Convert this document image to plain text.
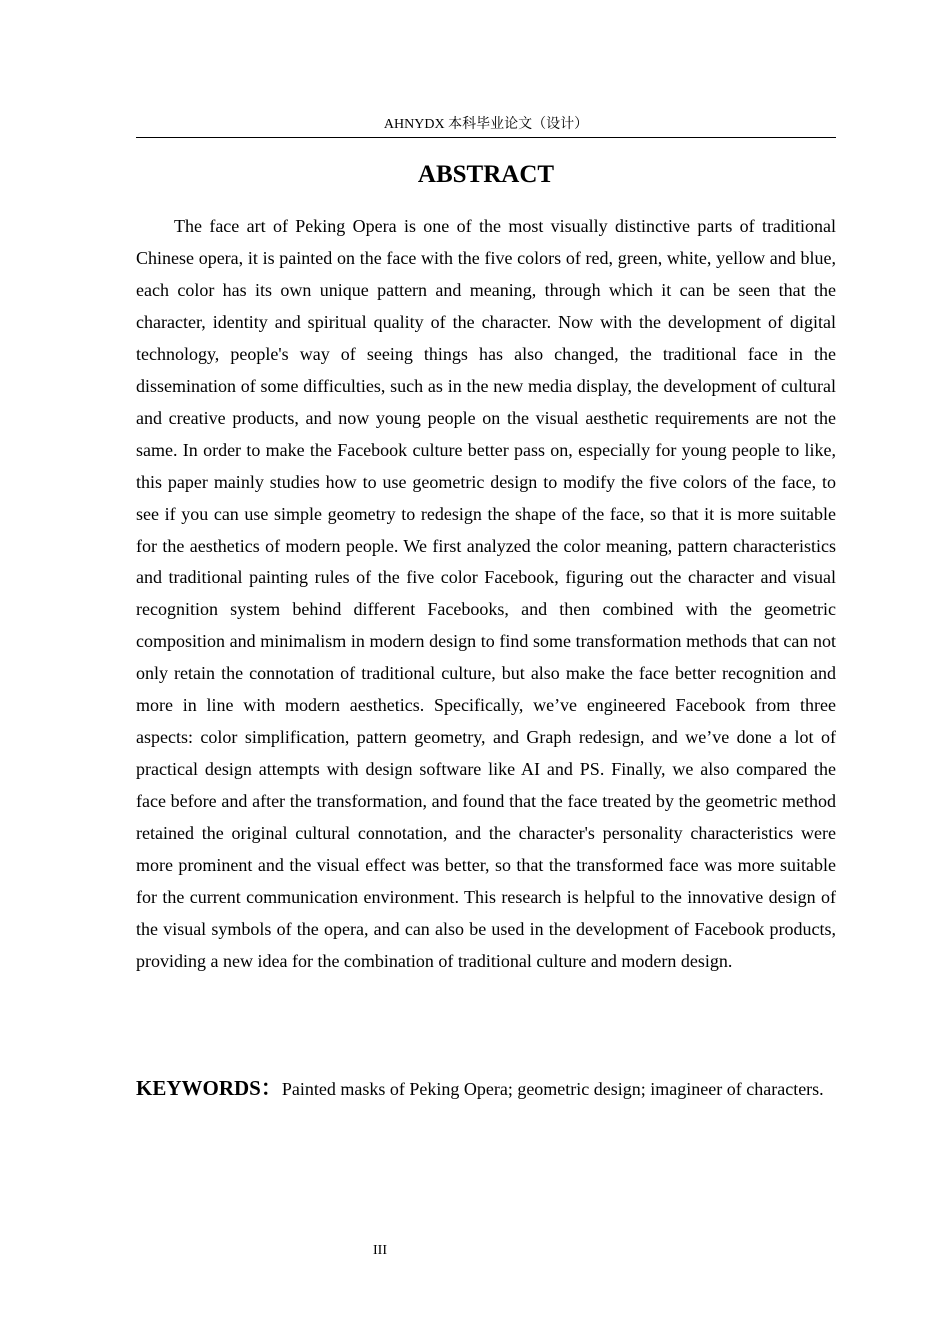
AHNYDX 本科毕业论文（设计）
ABSTRACT

The face art of Peking Opera is one of the most visually distinctive parts of traditional Chinese opera, it is painted on the face with the five colors of red, green, white, yellow and blue, each color has its own unique pattern and meaning, through which it can be seen that the character, identity and spiritual quality of the character. Now with the development of digital technology, people's way of seeing things has also changed, the traditional face in the dissemination of some difficulties, such as in the new media display, the development of cultural and creative products, and now young people on the visual aesthetic requirements are not the same. In order to make the Facebook culture better pass on, especially for young people to like, this paper mainly studies how to use geometric design to modify the five colors of the face, to see if you can use simple geometry to redesign the shape of the face, so that it is more suitable for the aesthetics of modern people. We first analyzed the color meaning, pattern characteristics and traditional painting rules of the five color Facebook, figuring out the character and visual recognition system behind different Facebooks, and then combined with the geometric composition and minimalism in modern design to find some transformation methods that can not only retain the connotation of traditional culture, but also make the face better recognition and more in line with modern aesthetics. Specifically, we’ve engineered Facebook from three aspects: color simplification, pattern geometry, and Graph redesign, and we’ve done a lot of practical design attempts with design software like AI and PS. Finally, we also compared the face before and after the transformation, and found that the face treated by the geometric method retained the original cultural connotation, and the character's personality characteristics were more prominent and the visual effect was better, so that the transformed face was more suitable for the current communication environment. This research is helpful to the innovative design of the visual symbols of the opera, and can also be used in the development of Facebook products, providing a new idea for the combination of traditional culture and modern design.

KEYWORDS：Painted masks of Peking Opera; geometric design; imagineer of characters.

III
